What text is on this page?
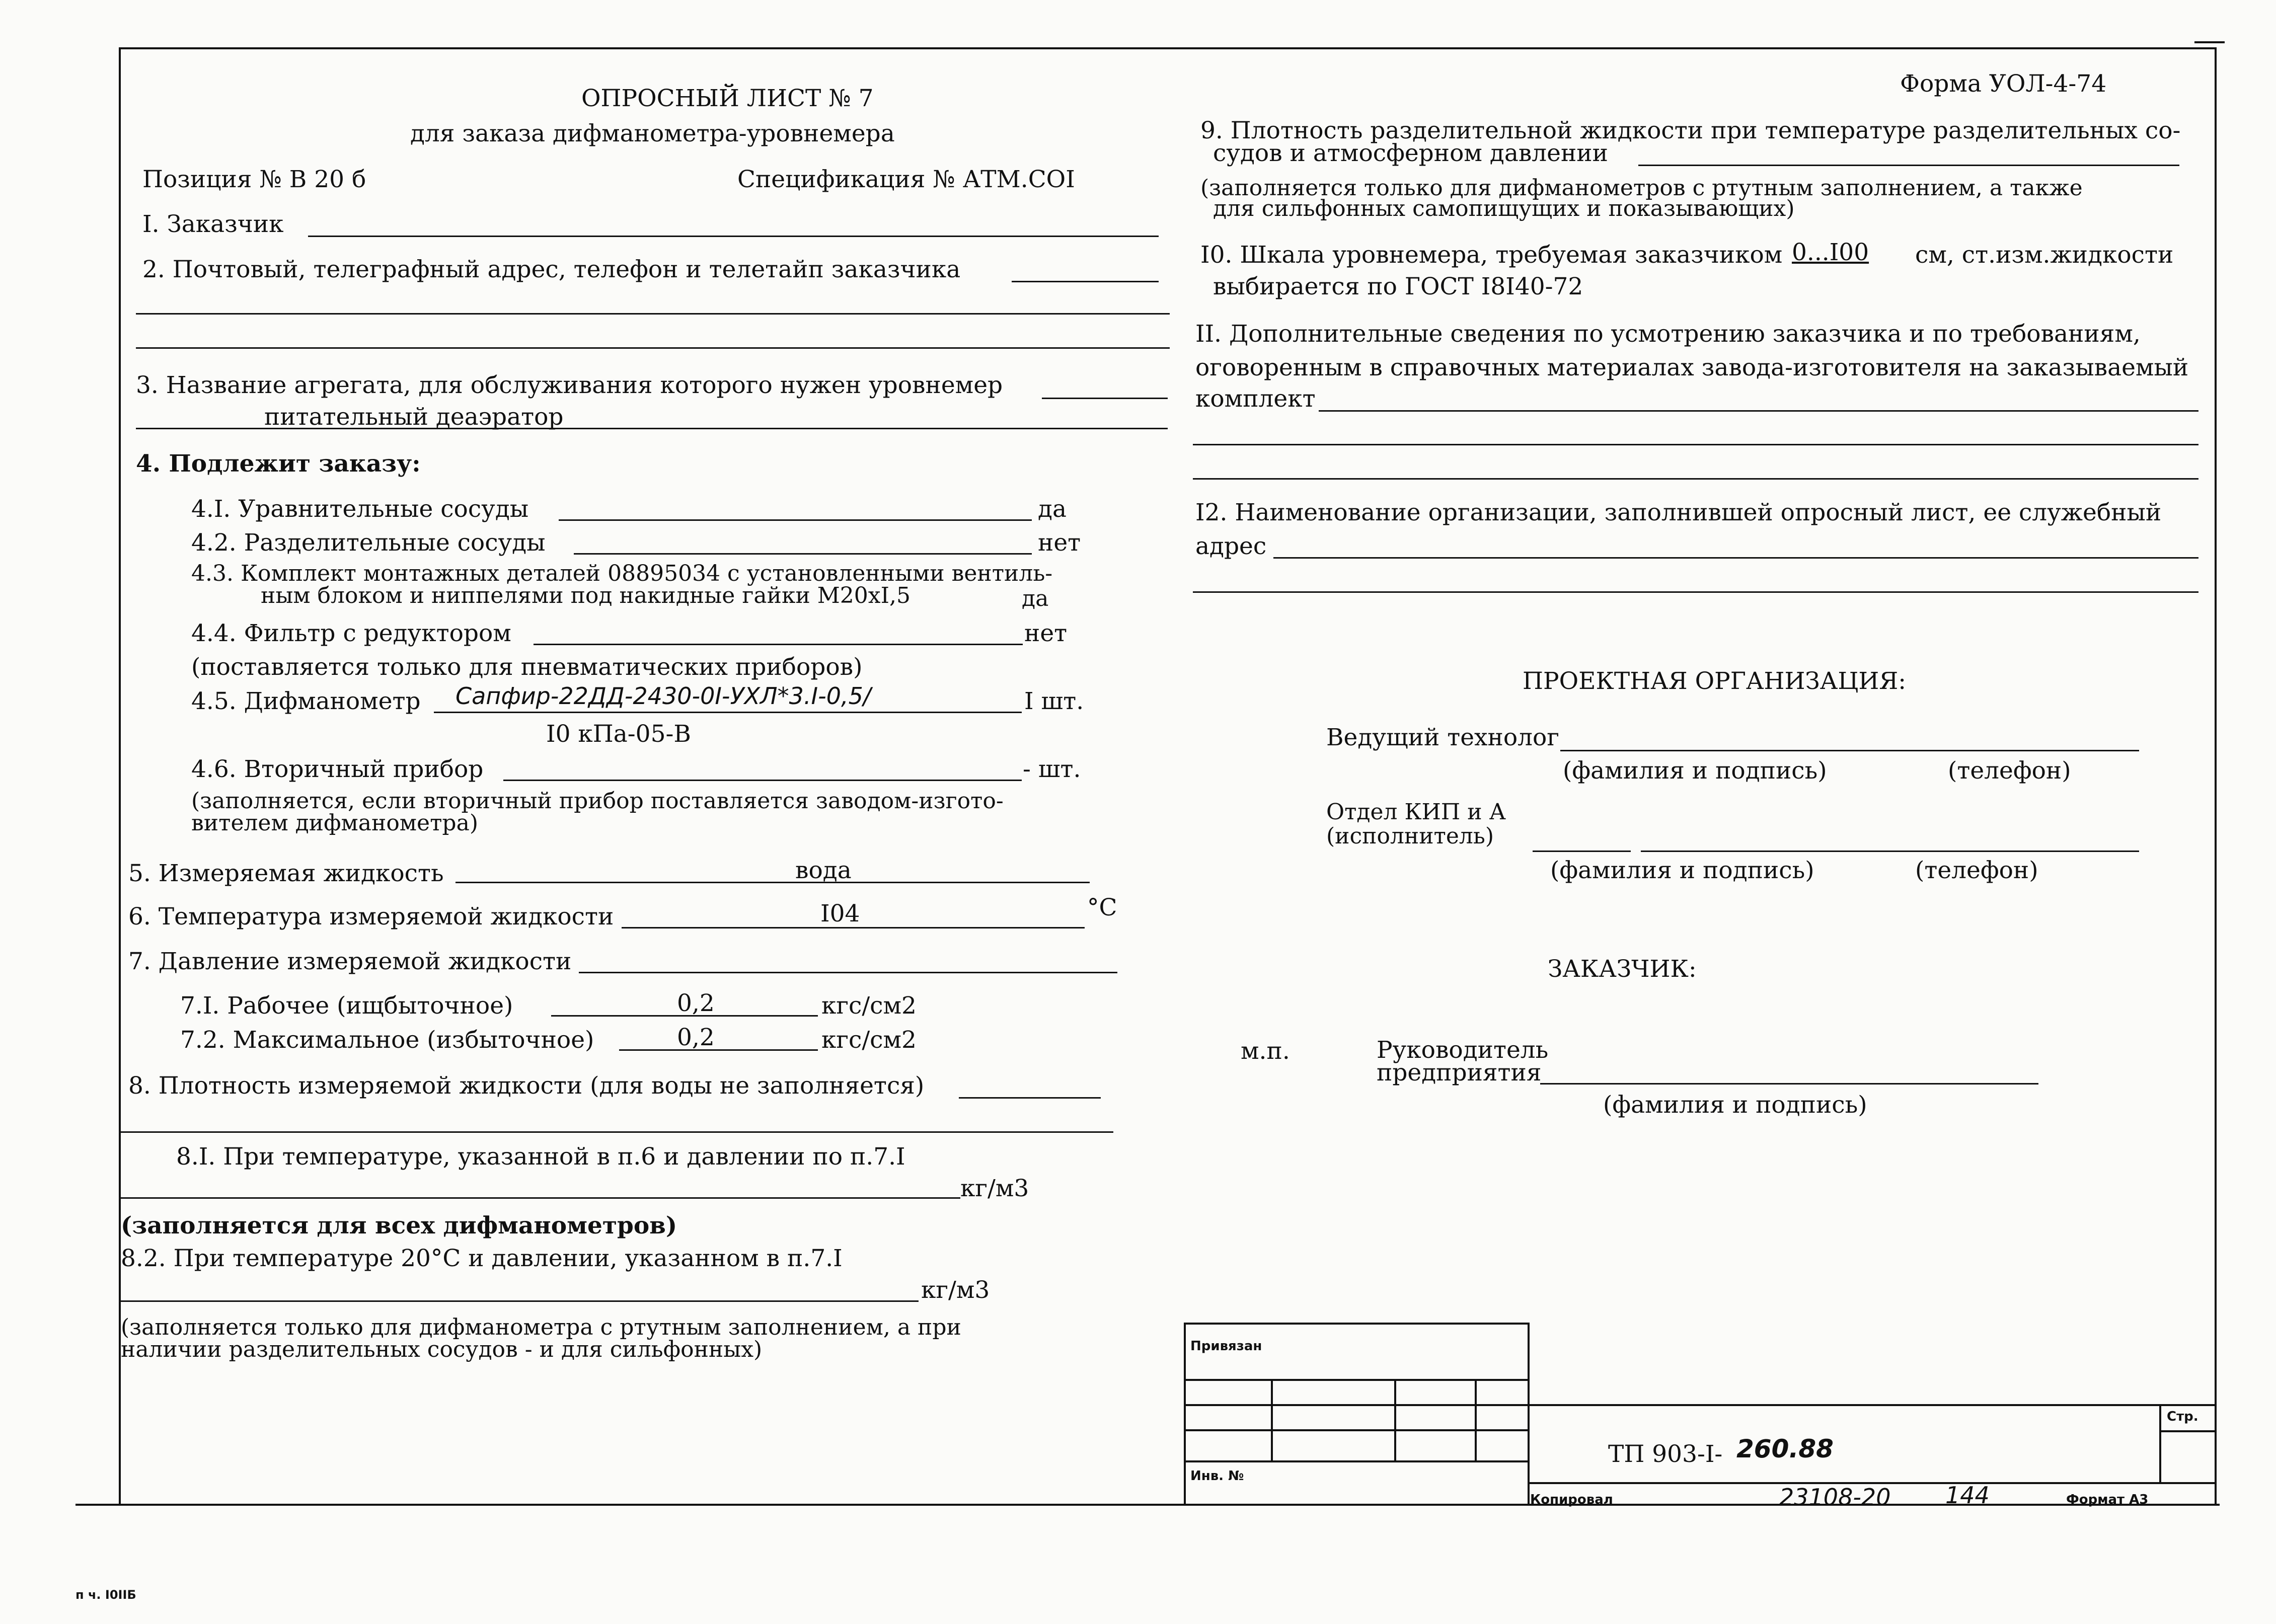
ОПРОСНЫЙ ЛИСТ № 7
для заказа дифманометра-уровнемера
Позиция № В 20 б	Спецификация № АТМ.СОI
Форма УОЛ-4-74
I. Заказчик
2. Почтовый, телеграфный адрес, телефон и телетайп заказчика
3. Название агрегата, для обслуживания которого нужен уровнемер
питательный деаэратор
4. Подлежит заказу:
4.I. Уравнительные сосуды	да
4.2. Разделительные сосуды	нет
4.3. Комплект монтажных деталей 08895034 с установленными вентиль-
ным блоком и ниппелями под накидные гайки М20хI,5	да
4.4. Фильтр с редуктором	нет
(поставляется только для пневматических приборов)
4.5. Дифманометр Сапфир-22ДД-2430-0I-УХЛ*3.I-0,5/	I шт.
I0 кПа-05-В
4.6. Вторичный прибор	- шт.
(заполняется, если вторичный прибор поставляется заводом-изгото-
вителем дифманометра)
5. Измеряемая жидкость	вода
6. Температура измеряемой жидкости	I04	°С
7. Давление измеряемой жидкости
7.I. Рабочее (ищбыточное)	0,2	кгс/см2
7.2. Максимальное (избыточное)	0,2	кгс/см2
8. Плотность измеряемой жидкости (для воды не заполняется)
8.I. При температуре, указанной в п.6 и давлении по п.7.I
кг/м3
(заполняется для всех дифманометров)
8.2. При температуре 20°С и давлении, указанном в п.7.I
кг/м3
(заполняется только для дифманометра с ртутным заполнением, а при
наличии разделительных сосудов - и для сильфонных)
9. Плотность разделительной жидкости при температуре разделительных со-
судов и атмосферном давлении
(заполняется только для дифманометров с ртутным заполнением, а также
для сильфонных самопищущих и показывающих)
I0. Шкала уровнемера, требуемая заказчиком 0...I00 см, ст.изм.жидкости
выбирается по ГОСТ I8I40-72
II. Дополнительные сведения по усмотрению заказчика и по требованиям,
оговоренным в справочных материалах завода-изготовителя на заказываемый
комплект
I2. Наименование организации, заполнившей опросный лист, ее служебный
адрес
ПРОЕКТНАЯ ОРГАНИЗАЦИЯ:
Ведущий технолог
(фамилия и подпись)	(телефон)
Отдел КИП и А
(исполнитель)
(фамилия и подпись)	(телефон)
ЗАКАЗЧИК:
м.п.	Руководитель
предприятия
(фамилия и подпись)
Привязан
Инв. №
Стр.
ТП 903-I- 260.88
Копировал	23108-20 144	Формат А3
п ч. I0IIБ
